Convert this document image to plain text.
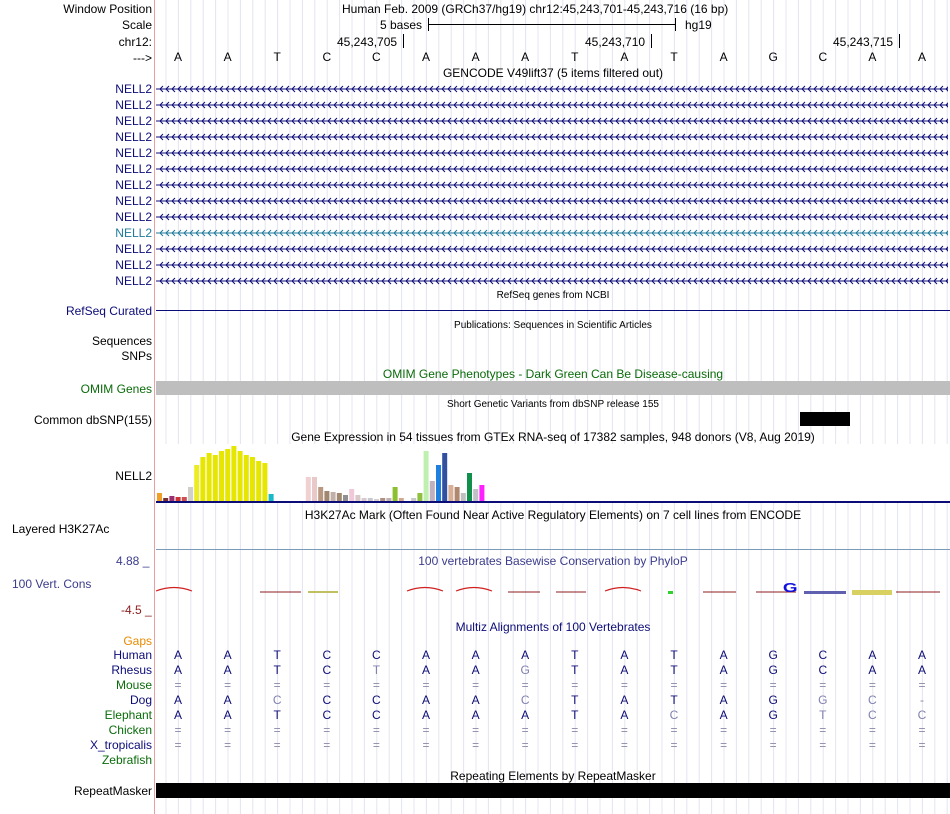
Window Position	Human Feb. 2009 (GRCh37/hg19) chr12:45,243,701-45,243,716 (16 bp)
Scale	5 bases	hg19
chr12:	45,243,705	45,243,710	45,243,715
--->	A	A	T	C	C	A	A	A	T	A	T	A	G	C	A	A
GENCODE V49lift37 (5 items filtered out)
NELL2
NELL2
NELL2
NELL2
NELL2
NELL2
NELL2
NELL2
NELL2
NELL2
NELL2
NELL2
NELL2
RefSeq genes from NCBI
RefSeq Curated
Publications: Sequences in Scientific Articles
Sequences
SNPs
OMIM Gene Phenotypes - Dark Green Can Be Disease-causing
OMIM Genes
Short Genetic Variants from dbSNP release 155
Common dbSNP(155)
Gene Expression in 54 tissues from GTEx RNA-seq of 17382 samples, 948 donors (V8, Aug 2019)
NELL2
H3K27Ac Mark (Often Found Near Active Regulatory Elements) on 7 cell lines from ENCODE
Layered H3K27Ac
100 vertebrates Basewise Conservation by PhyloP
4.88 _
100 Vert. Cons
-4.5 _
G
Multiz Alignments of 100 Vertebrates
Gaps
Human	A	A	T	C	C	A	A	A	T	A	T	A	G	C	A	A
Rhesus	A	A	T	C	T	A	A	G	T	A	T	A	G	C	A	A
Mouse	=	=	=	=	=	=	=	=	=	=	=	=	=	=	=	=
Dog	A	A	C	C	C	A	A	C	T	A	T	A	G	G	C	-
Elephant	A	A	T	C	C	A	A	A	T	A	C	A	G	T	C	C
Chicken	=	=	=	=	=	=	=	=	=	=	=	=	=	=	=	=
X_tropicalis	=	=	=	=	=	=	=	=	=	=	=	=	=	=	=	=
Zebrafish
Repeating Elements by RepeatMasker
RepeatMasker
